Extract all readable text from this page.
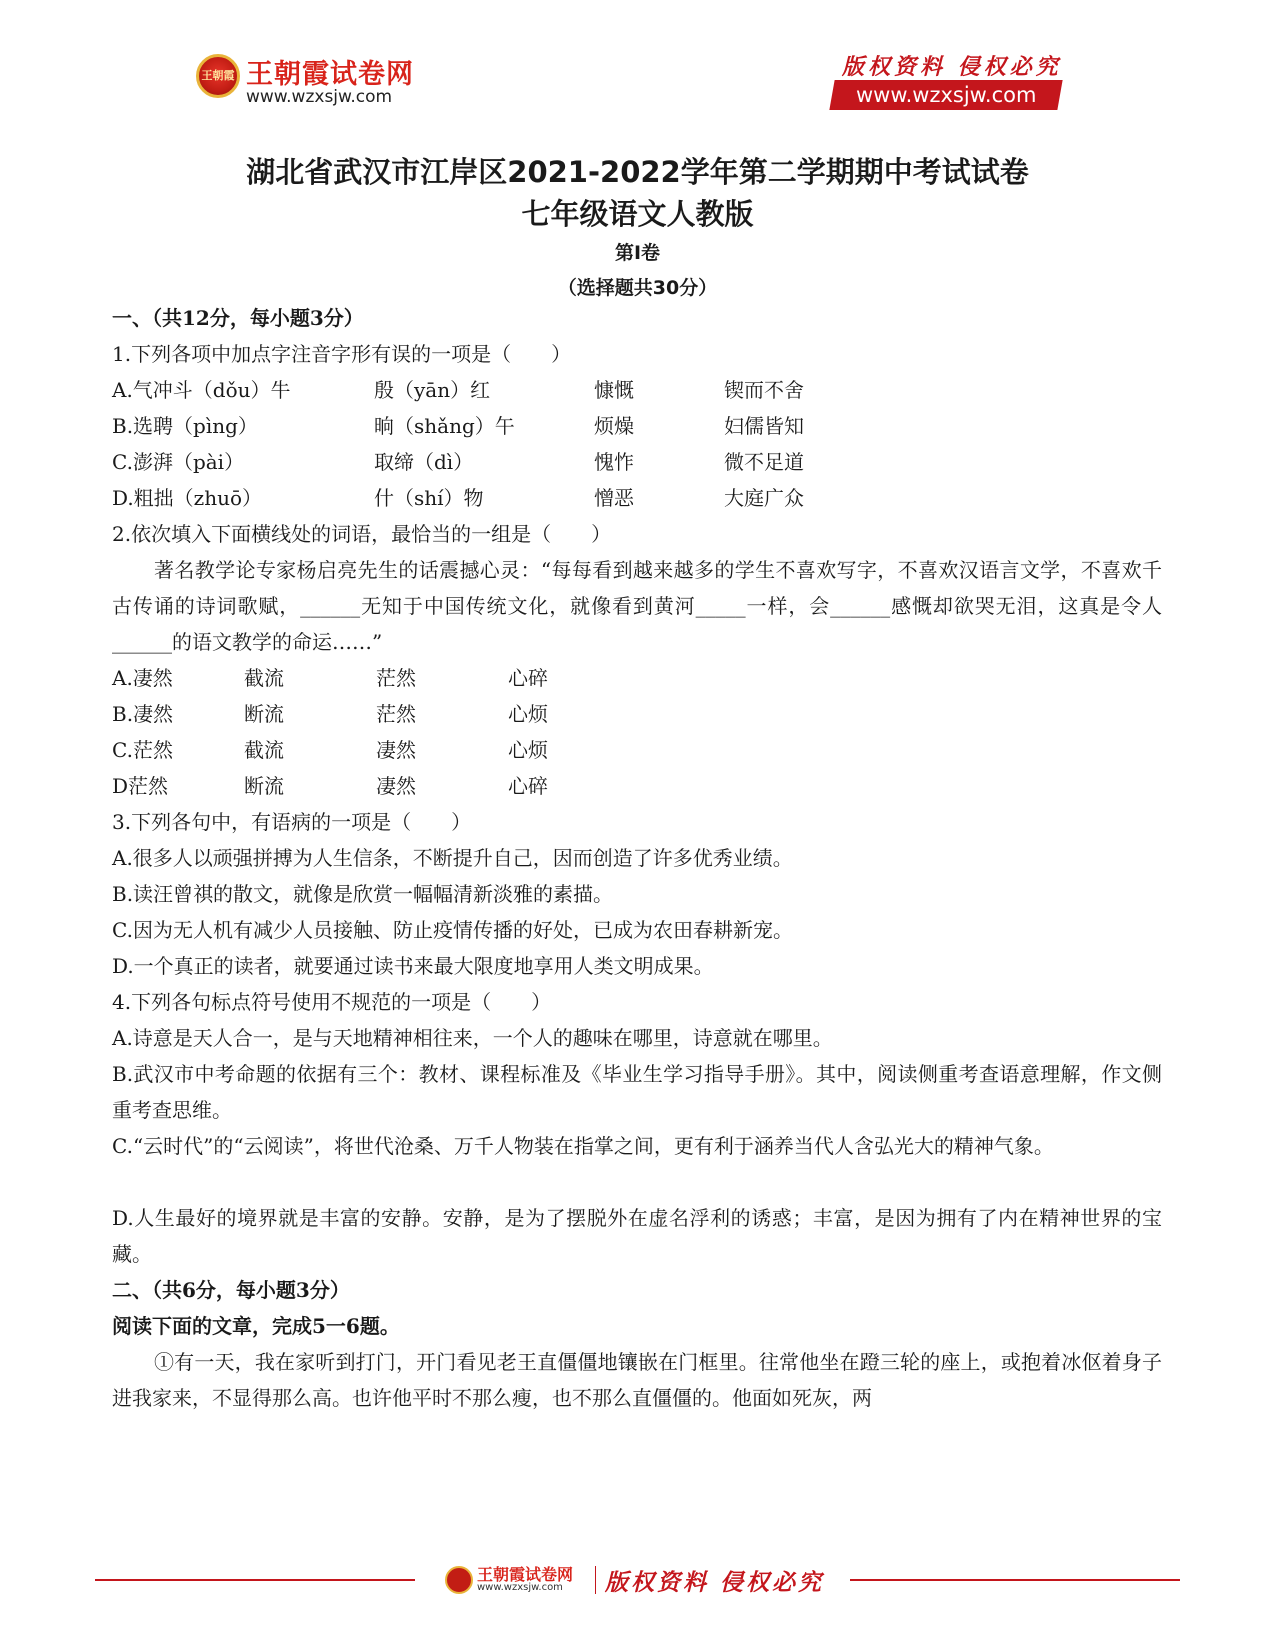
王朝霞 王朝霞试卷网
www.wzxsjw.com
版权资料 侵权必究
www.wzxsjw.com
湖北省武汉市江岸区2021-2022学年第二学期期中考试试卷
七年级语文人教版
第Ⅰ卷
（选择题共30分）
一、（共12分，每小题3分）
1.下列各项中加点字注音字形有误的一项是（　　）
A.气冲斗（dǒu）牛	殷（yān）红	慷慨	锲而不舍
B.选聘（pìng）	晌（shǎng）午	烦燥	妇儒皆知
C.澎湃（pài）	取缔（dì）	愧怍	微不足道
D.粗拙（zhuō）	什（shí）物	憎恶	大庭广众
2.依次填入下面横线处的词语，最恰当的一组是（　　）
著名教学论专家杨启亮先生的话震撼心灵：“每每看到越来越多的学生不喜欢写字，不喜欢汉语言文学，不喜欢千古传诵的诗词歌赋，______无知于中国传统文化，就像看到黄河_____一样，会______感慨却欲哭无泪，这真是令人______的语文教学的命运……”
A.凄然	截流	茫然	心碎
B.凄然	断流	茫然	心烦
C.茫然	截流	凄然	心烦
D茫然	断流	凄然	心碎
3.下列各句中，有语病的一项是（　　）
A.很多人以顽强拼搏为人生信条，不断提升自己，因而创造了许多优秀业绩。
B.读汪曾祺的散文，就像是欣赏一幅幅清新淡雅的素描。
C.因为无人机有减少人员接触、防止疫情传播的好处，已成为农田春耕新宠。
D.一个真正的读者，就要通过读书来最大限度地享用人类文明成果。
4.下列各句标点符号使用不规范的一项是（　　）
A.诗意是天人合一，是与天地精神相往来，一个人的趣味在哪里，诗意就在哪里。
B.武汉市中考命题的依据有三个：教材、课程标准及《毕业生学习指导手册》。其中，阅读侧重考查语意理解，作文侧重考查思维。
C.“云时代”的“云阅读”，将世代沧桑、万千人物装在指掌之间，更有利于涵养当代人含弘光大的精神气象。
D.人生最好的境界就是丰富的安静。安静，是为了摆脱外在虚名浮利的诱惑；丰富，是因为拥有了内在精神世界的宝藏。
二、（共6分，每小题3分）
阅读下面的文章，完成5一6题。
①有一天，我在家听到打门，开门看见老王直僵僵地镶嵌在门框里。往常他坐在蹬三轮的座上，或抱着冰伛着身子进我家来，不显得那么高。也许他平时不那么瘦，也不那么直僵僵的。他面如死灰，两
王朝霞试卷网
www.wzxsjw.com 版权资料 侵权必究
